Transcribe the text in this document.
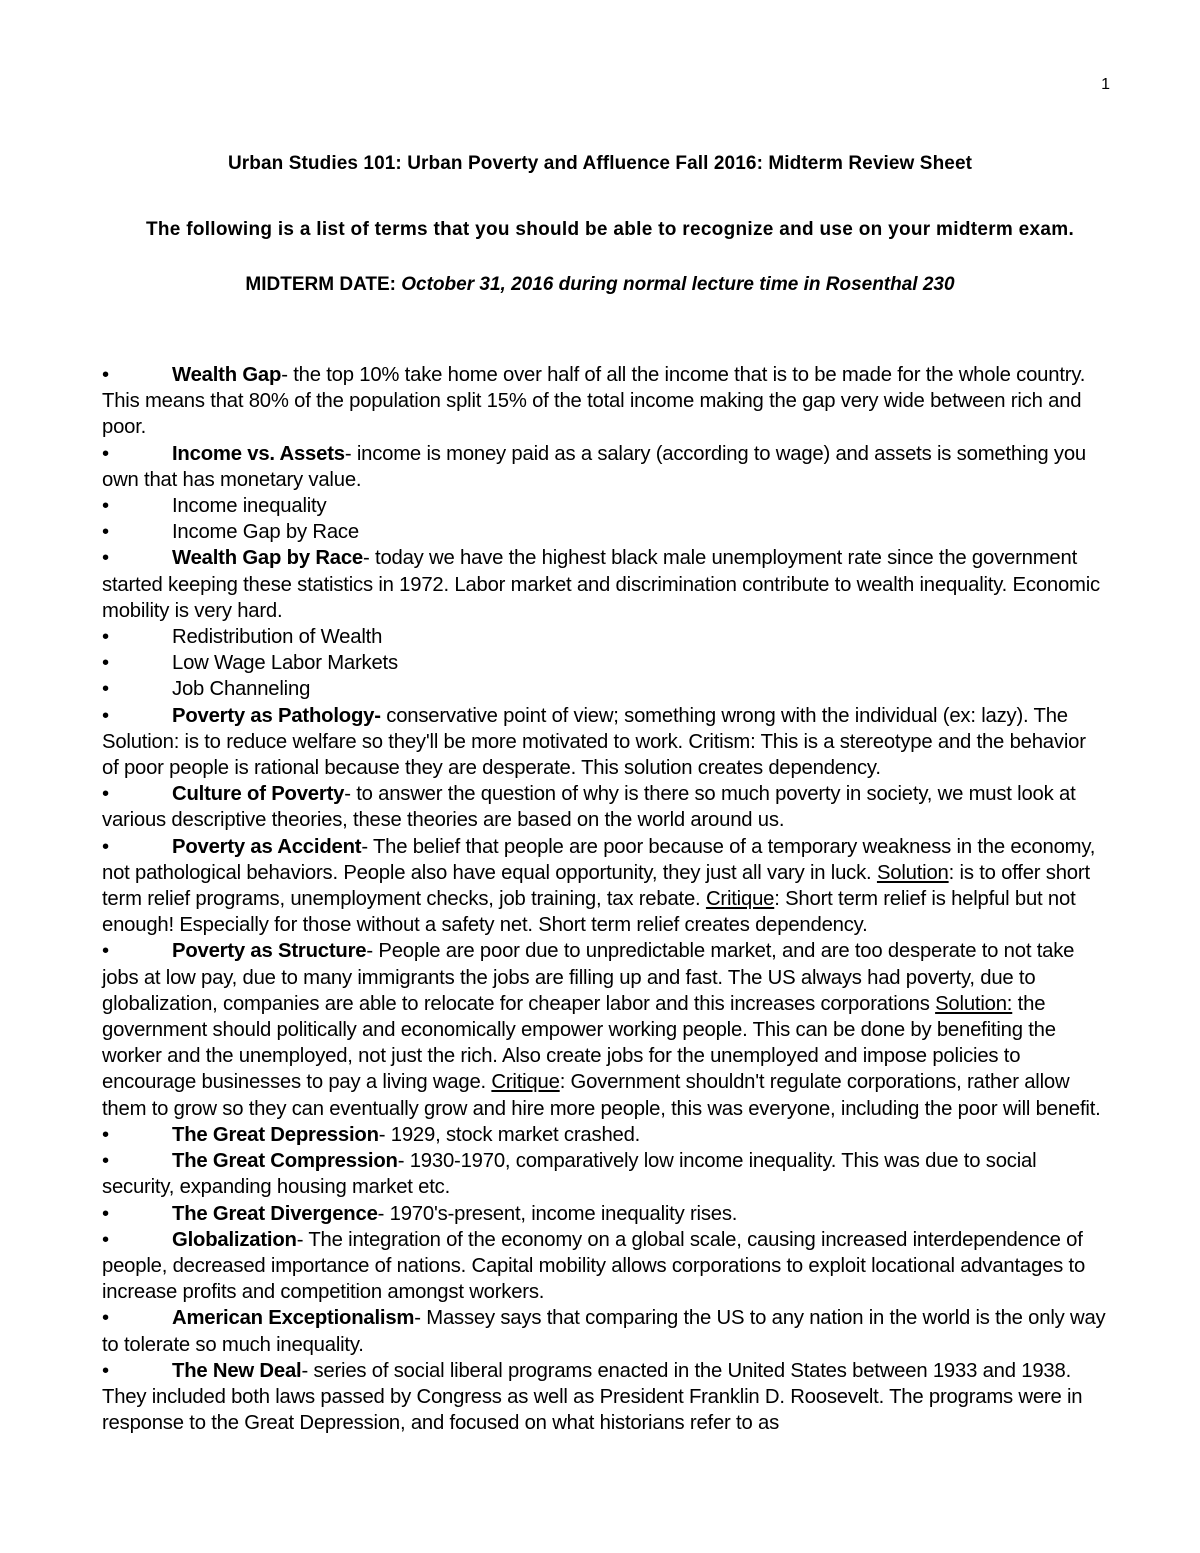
1
Urban Studies 101: Urban Poverty and Affluence Fall 2016: Midterm Review Sheet
The following is a list of terms that you should be able to recognize and use on your midterm exam.
MIDTERM DATE: October 31, 2016 during normal lecture time in Rosenthal 230

•	Wealth Gap- the top 10% take home over half of all the income that is to be made for the whole country. This means that 80% of the population split 15% of the total income making the gap very wide between rich and poor.

•	Income vs. Assets- income is money paid as a salary (according to wage) and assets is something you own that has monetary value.

•	Income inequality

•	Income Gap by Race

•	Wealth Gap by Race- today we have the highest black male unemployment rate since the government started keeping these statistics in 1972. Labor market and discrimination contribute to wealth inequality. Economic mobility is very hard.

•	Redistribution of Wealth

•	Low Wage Labor Markets

•	Job Channeling

•	Poverty as Pathology- conservative point of view; something wrong with the individual (ex: lazy). The Solution: is to reduce welfare so they'll be more motivated to work. Critism: This is a stereotype and the behavior of poor people is rational because they are desperate. This solution creates dependency.

•	Culture of Poverty- to answer the question of why is there so much poverty in society, we must look at various descriptive theories, these theories are based on the world around us.

•	Poverty as Accident- The belief that people are poor because of a temporary weakness in the economy, not pathological behaviors. People also have equal opportunity, they just all vary in luck. Solution: is to offer short term relief programs, unemployment checks, job training, tax rebate. Critique: Short term relief is helpful but not enough! Especially for those without a safety net. Short term relief creates dependency.

•	Poverty as Structure- People are poor due to unpredictable market, and are too desperate to not take jobs at low pay, due to many immigrants the jobs are filling up and fast. The US always had poverty, due to globalization, companies are able to relocate for cheaper labor and this increases corporations Solution: the government should politically and economically empower working people. This can be done by benefiting the worker and the unemployed, not just the rich. Also create jobs for the unemployed and impose policies to encourage businesses to pay a living wage. Critique: Government shouldn't regulate corporations, rather allow them to grow so they can eventually grow and hire more people, this was everyone, including the poor will benefit.

•	The Great Depression- 1929, stock market crashed.

•	The Great Compression- 1930-1970, comparatively low income inequality. This was due to social security, expanding housing market etc.

•	The Great Divergence- 1970's-present, income inequality rises.

•	Globalization- The integration of the economy on a global scale, causing increased interdependence of people, decreased importance of nations. Capital mobility allows corporations to exploit locational advantages to increase profits and competition amongst workers.

•	American Exceptionalism- Massey says that comparing the US to any nation in the world is the only way to tolerate so much inequality.

•	The New Deal- series of social liberal programs enacted in the United States between 1933 and 1938. They included both laws passed by Congress as well as President Franklin D. Roosevelt. The programs were in response to the Great Depression, and focused on what historians refer to as
